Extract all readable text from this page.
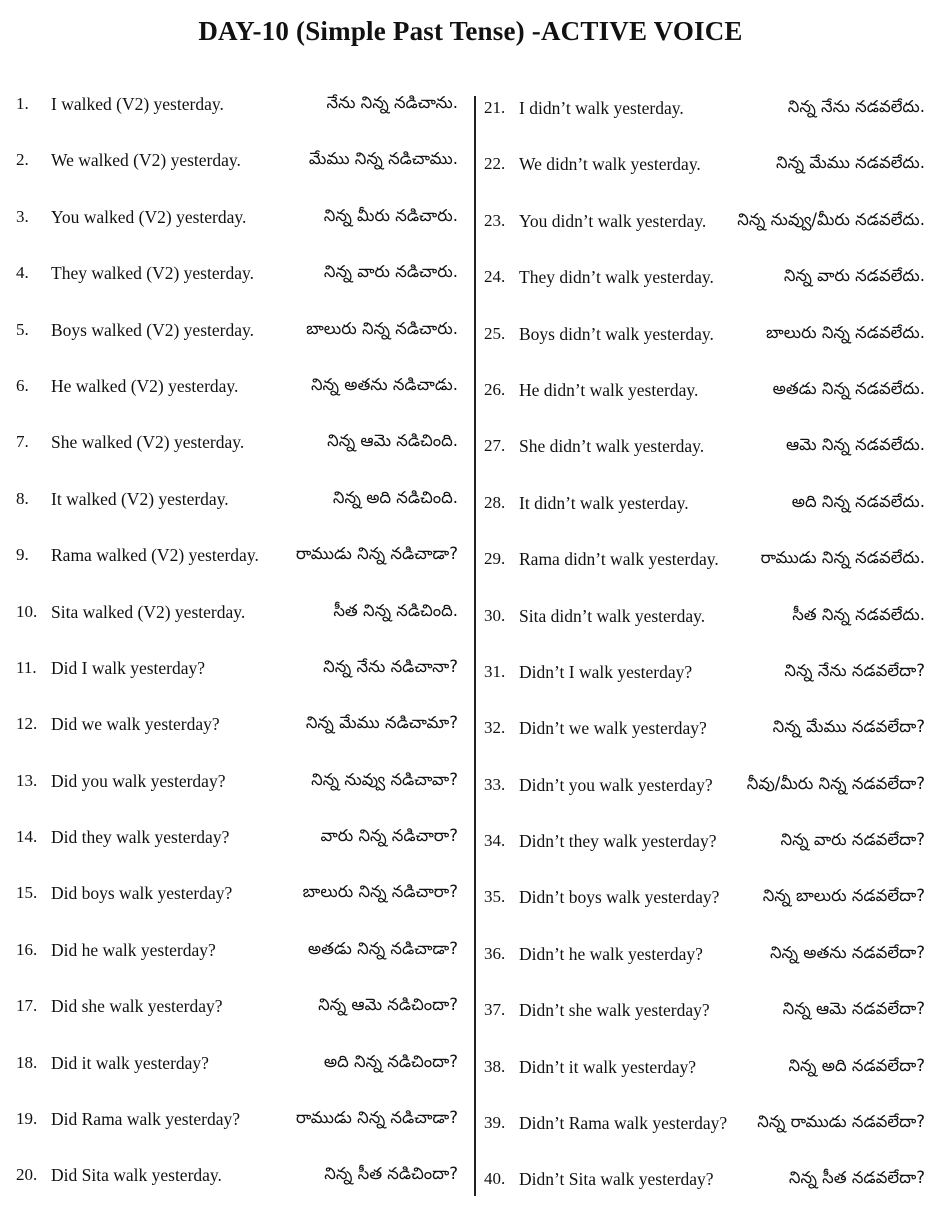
DAY-10 (Simple Past Tense) -ACTIVE VOICE
1. I walked (V2) yesterday.	నేను నిన్న నడిచాను.
2. We walked (V2) yesterday.	మేము నిన్న నడిచాము.
3. You walked (V2) yesterday.	నిన్న మీరు నడిచారు.
4. They walked (V2) yesterday.	నిన్న వారు నడిచారు.
5. Boys walked (V2) yesterday.	బాలురు నిన్న నడిచారు.
6. He walked (V2) yesterday.	నిన్న అతను నడిచాడు.
7. She walked (V2) yesterday.	నిన్న ఆమె నడిచింది.
8. It walked (V2) yesterday.	నిన్న అది నడిచింది.
9. Rama walked (V2) yesterday. రాముడు నిన్న నడిచాడా?
10. Sita walked (V2) yesterday.	సీత నిన్న నడిచింది.
11. Did I walk yesterday?	నిన్న నేను నడిచానా?
12. Did we walk yesterday?	నిన్న మేము నడిచామా?
13. Did you walk yesterday?	నిన్న నువ్వు నడిచావా?
14. Did they walk yesterday?	వారు నిన్న నడిచారా?
15. Did boys walk yesterday?	బాలురు నిన్న నడిచారా?
16. Did he walk yesterday?	అతడు నిన్న నడిచాడా?
17. Did she walk yesterday?	నిన్న ఆమె నడిచిందా?
18. Did it walk yesterday?	అది నిన్న నడిచిందా?
19. Did Rama walk yesterday?	రాముడు నిన్న నడిచాడా?
20. Did Sita walk yesterday.	నిన్న సీత నడిచిందా?
21. I didn’t walk yesterday.	నిన్న నేను నడవలేదు.
22. We didn’t walk yesterday.	నిన్న మేము నడవలేదు.
23. You didn’t walk yesterday. నిన్న నువ్వు/మీరు నడవలేదు.
24. They didn’t walk yesterday.	నిన్న వారు నడవలేదు.
25. Boys didn’t walk yesterday.	బాలురు నిన్న నడవలేదు.
26. He didn’t walk yesterday.	అతడు నిన్న నడవలేదు.
27. She didn’t walk yesterday.	ఆమె నిన్న నడవలేదు.
28. It didn’t walk yesterday.	అది నిన్న నడవలేదు.
29. Rama didn’t walk yesterday.	రాముడు నిన్న నడవలేదు.
30. Sita didn’t walk yesterday.	సీత నిన్న నడవలేదు.
31. Didn’t I walk yesterday?	నిన్న నేను నడవలేదా?
32. Didn’t we walk yesterday?	నిన్న మేము నడవలేదా?
33. Didn’t you walk yesterday? నీవు/మీరు నిన్న నడవలేదా?
34. Didn’t they walk yesterday?	నిన్న వారు నడవలేదా?
35. Didn’t boys walk yesterday?	నిన్న బాలురు నడవలేదా?
36. Didn’t he walk yesterday?	నిన్న అతను నడవలేదా?
37. Didn’t she walk yesterday?	నిన్న ఆమె నడవలేదా?
38. Didn’t it walk yesterday?	నిన్న అది నడవలేదా?
39. Didn’t Rama walk yesterday? నిన్న రాముడు నడవలేదా?
40. Didn’t Sita walk yesterday?	నిన్న సీత నడవలేదా?
